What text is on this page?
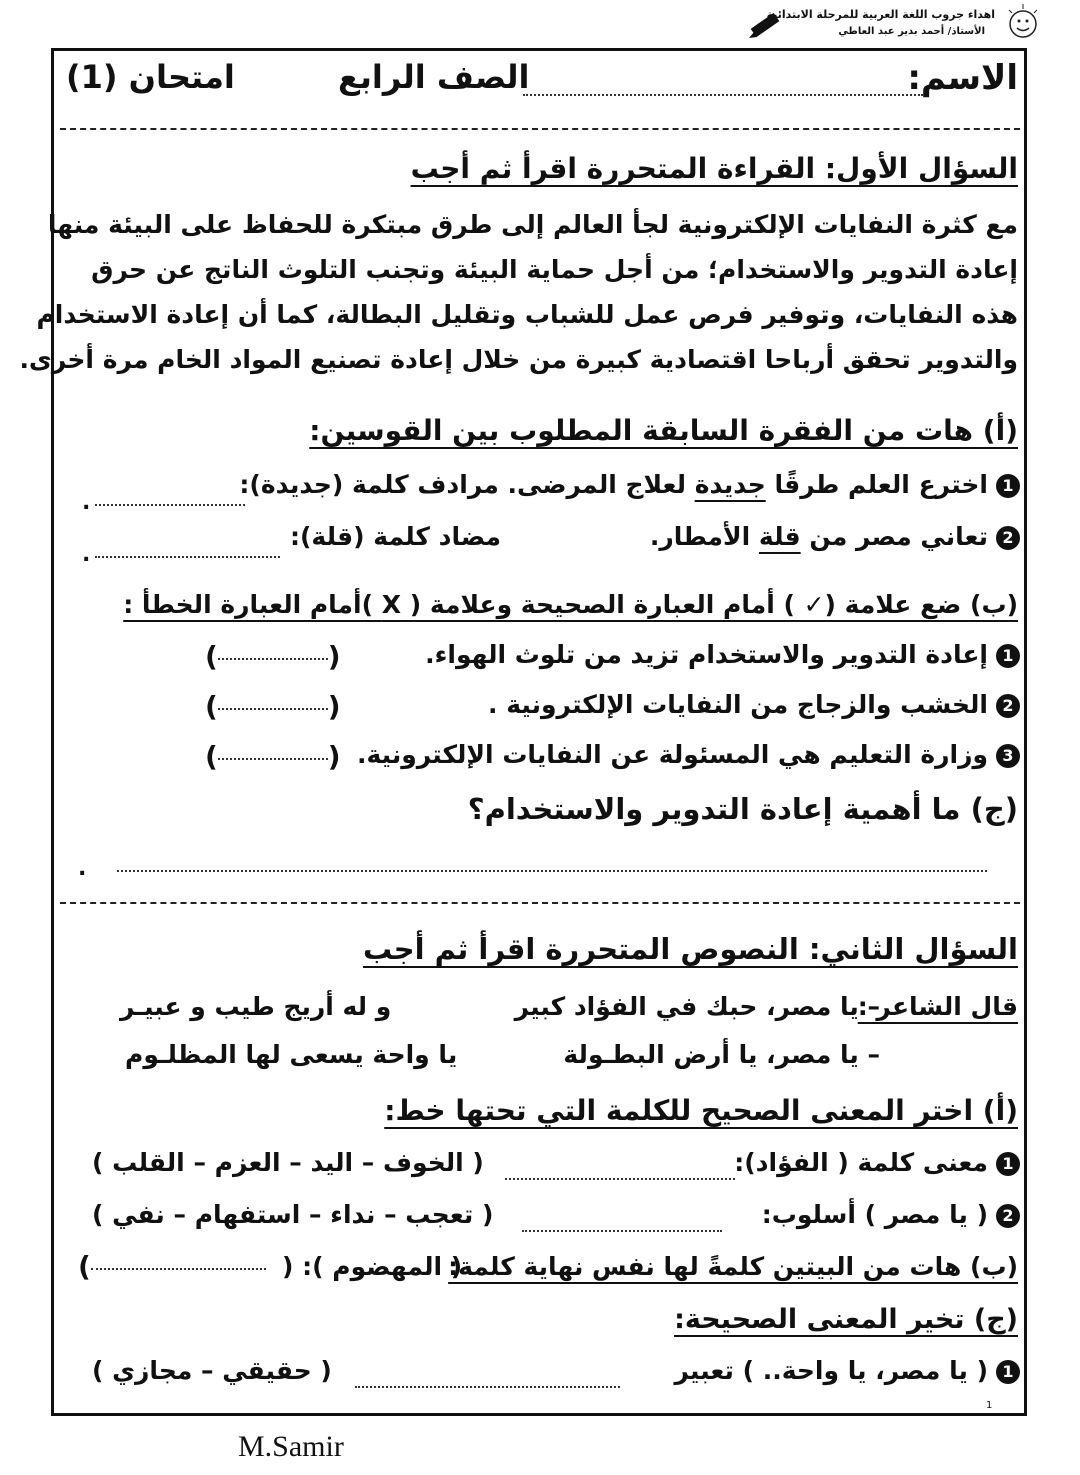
اهداء جروب اللغة العربية للمرحلة الابتدائية
الأستاذ/ أحمد بدير عبد العاطي
الاسم:
الصف الرابع
امتحان (1)
السؤال الأول: القراءة المتحررة اقرأ ثم أجب
مع كثرة النفايات الإلكترونية لجأ العالم إلى طرق مبتكرة للحفاظ على البيئة منها
إعادة التدوير والاستخدام؛ من أجل حماية البيئة وتجنب التلوث الناتج عن حرق
هذه النفايات، وتوفير فرص عمل للشباب وتقليل البطالة، كما أن إعادة الاستخدام
والتدوير تحقق أرباحا اقتصادية كبيرة من خلال إعادة تصنيع المواد الخام مرة أخرى.
(أ) هات من الفقرة السابقة المطلوب بين القوسين:
1اخترع العلم طرقًا جديدة لعلاج المرضى. مرادف كلمة (جديدة):
.
2تعاني مصر من قلة الأمطار.
مضاد كلمة (قلة):
.
(ب) ضع علامة (✓ ) أمام العبارة الصحيحة وعلامة ( X )أمام العبارة الخطأ :
1إعادة التدوير والاستخدام تزيد من تلوث الهواء.
(	)
2الخشب والزجاج من النفايات الإلكترونية .
(	)
3وزارة التعليم هي المسئولة عن النفايات الإلكترونية.
(	)
(ج) ما أهمية إعادة التدوير والاستخدام؟
.
السؤال الثاني: النصوص المتحررة اقرأ ثم أجب
قال الشاعر :
– يا مصر، حبك في الفؤاد كبير
و له أريج طيب و عبيـر
– يا مصر، يا أرض البطـولة
يا واحة يسعى لها المظلـوم
(أ) اختر المعنى الصحيح للكلمة التي تحتها خط:
1معنى كلمة ( الفؤاد):
( الخوف – اليد – العزم – القلب )
2( يا مصر ) أسلوب:
( تعجب – نداء – استفهام – نفي )
(ب) هات من البيتين كلمةً لها نفس نهاية كلمة:
( المهضوم ): (
(
(ج) تخير المعنى الصحيحة:
1( يا مصر، يا واحة.. ) تعبير
( حقيقي – مجازي )
1
M.Samir
